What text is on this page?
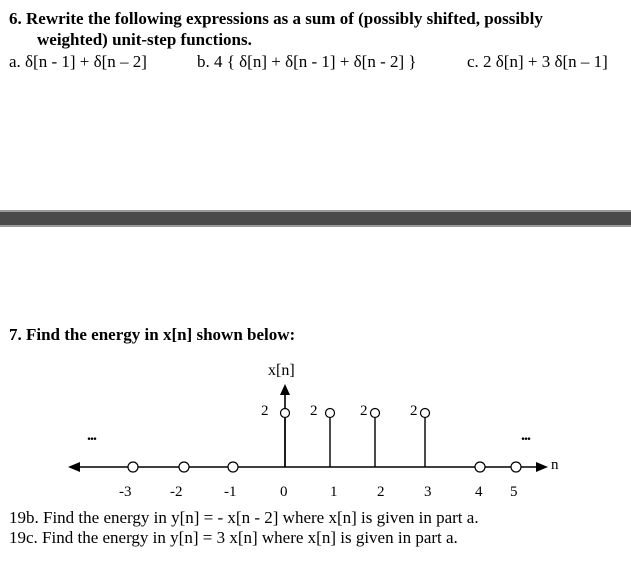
6. Rewrite the following expressions as a sum of (possibly shifted, possibly
weighted) unit-step functions.
a. δ[n - 1] + δ[n – 2]	b. 4 { δ[n] + δ[n - 1] + δ[n - 2] }	c. 2 δ[n] + 3 δ[n – 1]
7. Find the energy in x[n] shown below:
x[n]
2	2	2	2
...	...
n
-3	-2	-1	0	1	2	3	4 5
19b. Find the energy in y[n] = - x[n - 2] where x[n] is given in part a.
19c. Find the energy in y[n] = 3 x[n] where x[n] is given in part a.
